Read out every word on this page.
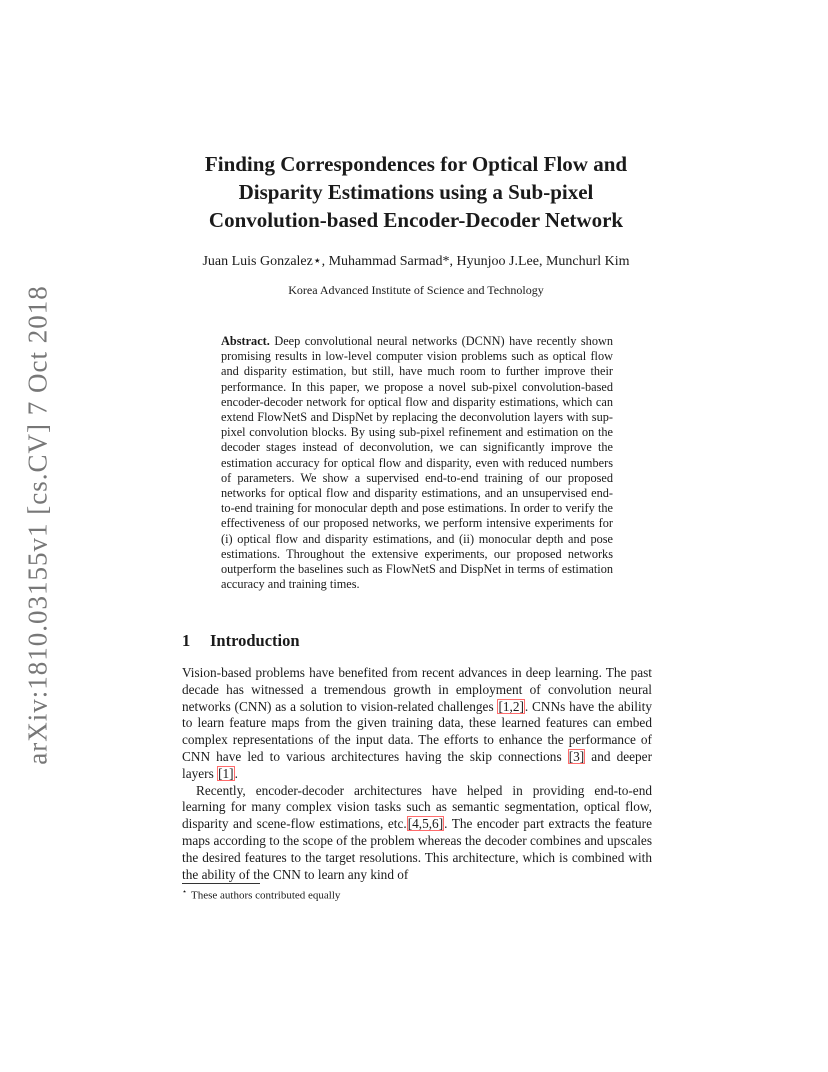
arXiv:1810.03155v1 [cs.CV] 7 Oct 2018
Finding Correspondences for Optical Flow and
Disparity Estimations using a Sub-pixel
Convolution-based Encoder-Decoder Network
Juan Luis Gonzalez⋆, Muhammad Sarmad*, Hyunjoo J.Lee, Munchurl Kim
Korea Advanced Institute of Science and Technology
Abstract. Deep convolutional neural networks (DCNN) have recently shown promising results in low-level computer vision problems such as optical flow and disparity estimation, but still, have much room to further improve their performance. In this paper, we propose a novel sub-pixel convolution-based encoder-decoder network for optical flow and disparity estimations, which can extend FlowNetS and DispNet by replacing the deconvolution layers with sup-pixel convolution blocks. By using sub-pixel refinement and estimation on the decoder stages instead of deconvolution, we can significantly improve the estimation accuracy for optical flow and disparity, even with reduced numbers of parameters. We show a supervised end-to-end training of our proposed networks for optical flow and disparity estimations, and an unsupervised end-to-end training for monocular depth and pose estimations. In order to verify the effectiveness of our proposed networks, we perform intensive experiments for (i) optical flow and disparity estimations, and (ii) monocular depth and pose estimations. Throughout the extensive experiments, our proposed networks outperform the baselines such as FlowNetS and DispNet in terms of estimation accuracy and training times.
1 Introduction

Vision-based problems have benefited from recent advances in deep learning. The past decade has witnessed a tremendous growth in employment of convolution neural networks (CNN) as a solution to vision-related challenges [1,2]. CNNs have the ability to learn feature maps from the given training data, these learned features can embed complex representations of the input data. The efforts to enhance the performance of CNN have led to various architectures having the skip connections [3] and deeper layers [1].

Recently, encoder-decoder architectures have helped in providing end-to-end learning for many complex vision tasks such as semantic segmentation, optical flow, disparity and scene-flow estimations, etc.[4,5,6]. The encoder part extracts the feature maps according to the scope of the problem whereas the decoder combines and upscales the desired features to the target resolutions. This architecture, which is combined with the ability of the CNN to learn any kind of

⋆ These authors contributed equally
